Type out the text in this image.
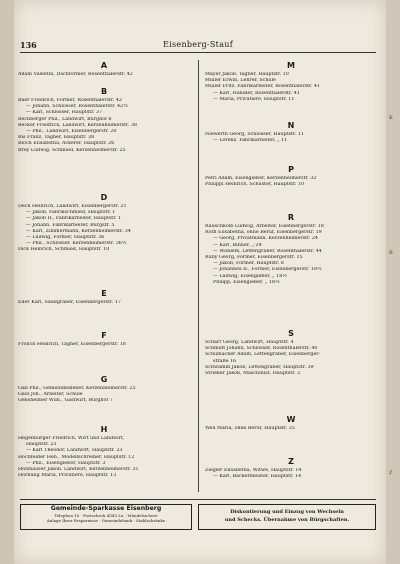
136	Eisenberg-Stauf
A
Adam Valentin, Dachformer, Rosenthalerstr. 42
B
Baer Friedrich, Former, Rosenthalerstr. 42
— Johann, Schlosser, Rosenthalerstr. 42½
— Karl, Schlosser, Hauptstr. 37
Bechberger Phil., Landwirt, Burghof 8
Becker Friedrich, Landwirt, Kerzenheimerstr. 38
— Phil., Landwirt, Eisenbergerstr. 20
Bis Franz, Tagner, Hauptstr. 38
Bloch Elisabetha, Ackerer, Hauptstr. 26
Brey Ludwig, Schmied, Kerzenheimerstr. 25
D
Dech Heinrich, Landwirt, Eisenbergerstr. 21
— Jakob, Fabrikschmied, Hauptstr. 1
— Jakob II., Fabrikarbeiter, Hauptstr. 1
— Johann, Fabrikarbeiter, Burgstr. 5
— Karl, Zimmermann, Kerzenheimerstr. 34
— Ludwig, Former, Hauptstr. 36
— Phil., Schlosser, Kerzenheimerstr. 36½
Dick Heinrich, Schmied, Hauptstr. 10
E
Eder Karl, Sandgräber, Eisenbergerstr. 17
F
Frölich Heinrich, Tagner, Eisenbergerstr. 18
G
Gab Phil., Gemeindediener, Kerzenheimerstr. 25
Gaul Joh., Arbeiter, Schule
Gensheimer Wilh., Gastwirt, Burghof 7
H
Hegenburger Friedrich, Wirt und Landwirt,
Hauptstr. 23
— Karl Theodor, Landwirt, Hauptstr. 23
Hochfelder Heh., Modellschreiner, Hauptstr. 12
— Phil., Eisengießer, Hauptstr. 3
Holzhäuser Jakob, Landwirt, Kerzenheimerstr. 31
Hornung Maria, Privatiere, Hauptstr. 13
M
Mayer Jakob, Tagner, Hauptstr. 10
Müller Erwin, Lehrer, Schule
Müller Fritz, Fabrikarbeiter, Rosenthalerstr. 41
— Karl, Händler, Rosenthalerstr. 41
— Maria, Privatiere, Hauptstr. 11
N
Niewerth Georg, Schlosser, Hauptstr. 11
— Lorenz, Fabrikarbeiter, „ 11
P
Petri Adam, Eisengießer, Kerzenheimerstr. 32
Philippi Heinrich, Schuster, Hauptstr. 10
R
Rauschkolb Ludwig, Arbeiter, Eisenbergerstr. 18
Roth Elisabetha, ohne Beruf, Eisenbergerstr. 19
— Georg, Privatmann, Kerzenheimerstr. 24
— Karl, Binner, „ 24
— Wilhelm, Lettengräber, Rosenthalerstr. 44
Ruby Georg, Former, Eisenbergerstr. 15
— Jakob, Former, Hauptstr. 8
— Johannes II., Former, Eisenbergerstr. 18½
— Ludwig, Eisengießer, „ 18½
Philipp, Eisengießer, „ 18½
S
Scharr Georg, Landwirt, Hauptstr. 4
Schmidt Johann, Schlosser, Rosenthalerstr. 40
Schumacher Adam, Lettengräber, Eisenberger-
straße 16
Schwamm Jakob, Lettengräber, Hauptstr. 39
Strieker Jakob, Maschinist, Hauptstr. 2
W
Weil Maria, ohne Beruf, Hauptstr. 35
Z
Ziegler Elisabetha, Witwe, Hauptstr. 14
— Karl, Bäckermeister, Hauptstr. 14
Gemeinde-Sparkasse Eisenberg
Telephon 10 · Postscheck 4345 Lu · Mündelsichere
Anlage Ihrer Ersparnisse · Gemeindebank · Stahlschränke
Diskontierung und Einzug von Wechseln
und Schecks. Übernahme von Bürgschaften.
K
R
Z
